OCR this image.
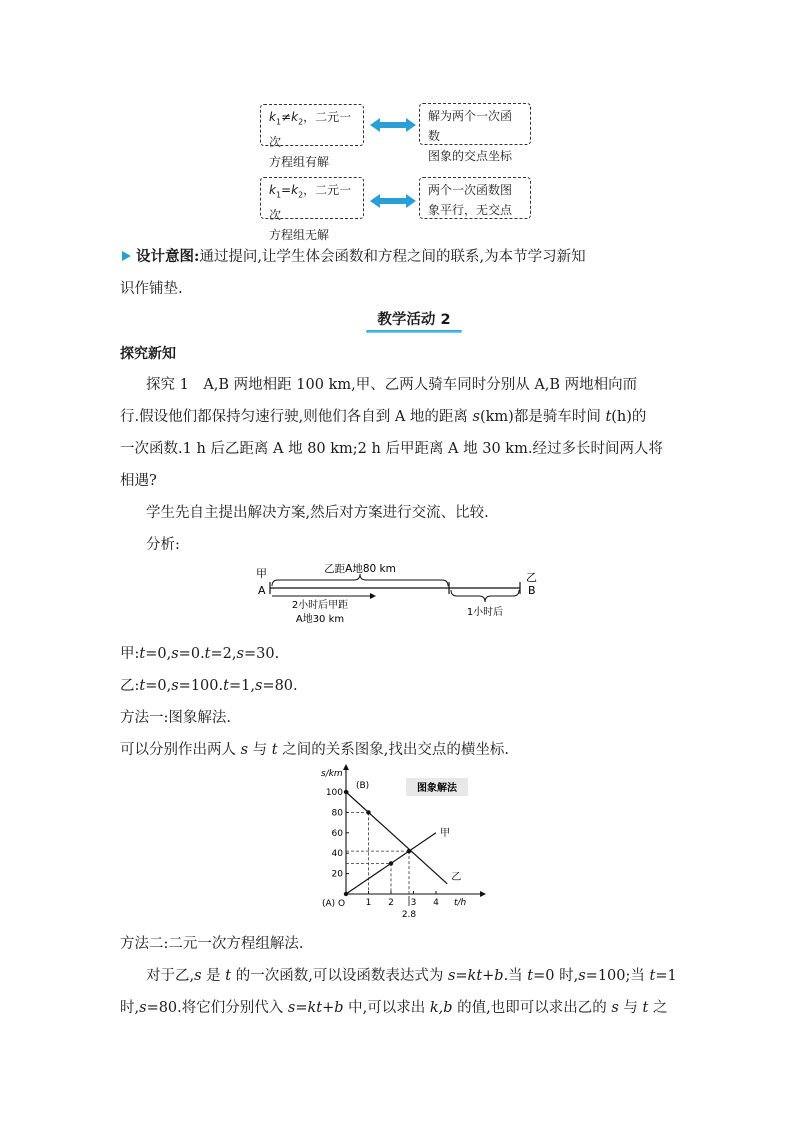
$k_1\ne k_2$，二元一次
方程组有解
解为两个一次函数
图象的交点坐标
$k_1=k_2$，二元一次
方程组无解
两个一次函数图
象平行，无交点
设计意图:通过提问,让学生体会函数和方程之间的联系,为本节学习新知
识作铺垫.
教学活动 2
探究新知
探究 1　A,B 两地相距 100 km,甲、乙两人骑车同时分别从 A,B 两地相向而
行.假设他们都保持匀速行驶,则他们各自到 A 地的距离 s(km)都是骑车时间 t(h)的
一次函数.1 h 后乙距离 A 地 80 km;2 h 后甲距离 A 地 30 km.经过多长时间两人将
相遇?
学生先自主提出解决方案,然后对方案进行交流、比较.
分析:
甲
A
乙
B
乙距A地80 km
2小时后甲距
A地30 km
1小时后
甲:t=0,s=0.t=2,s=30.
乙:t=0,s=100.t=1,s=80.
方法一:图象解法.
可以分别作出两人 s 与 t 之间的关系图象,找出交点的横坐标.
图象解法
s/km
t/h
(A) O
(B)
1 2 3 4
20
40
60
80
100
甲
乙
2.8
方法二:二元一次方程组解法.
对于乙,s 是 t 的一次函数,可以设函数表达式为 s=kt+b.当 t=0 时,s=100;当 t=1
时,s=80.将它们分别代入 s=kt+b 中,可以求出 k,b 的值,也即可以求出乙的 s 与 t 之
